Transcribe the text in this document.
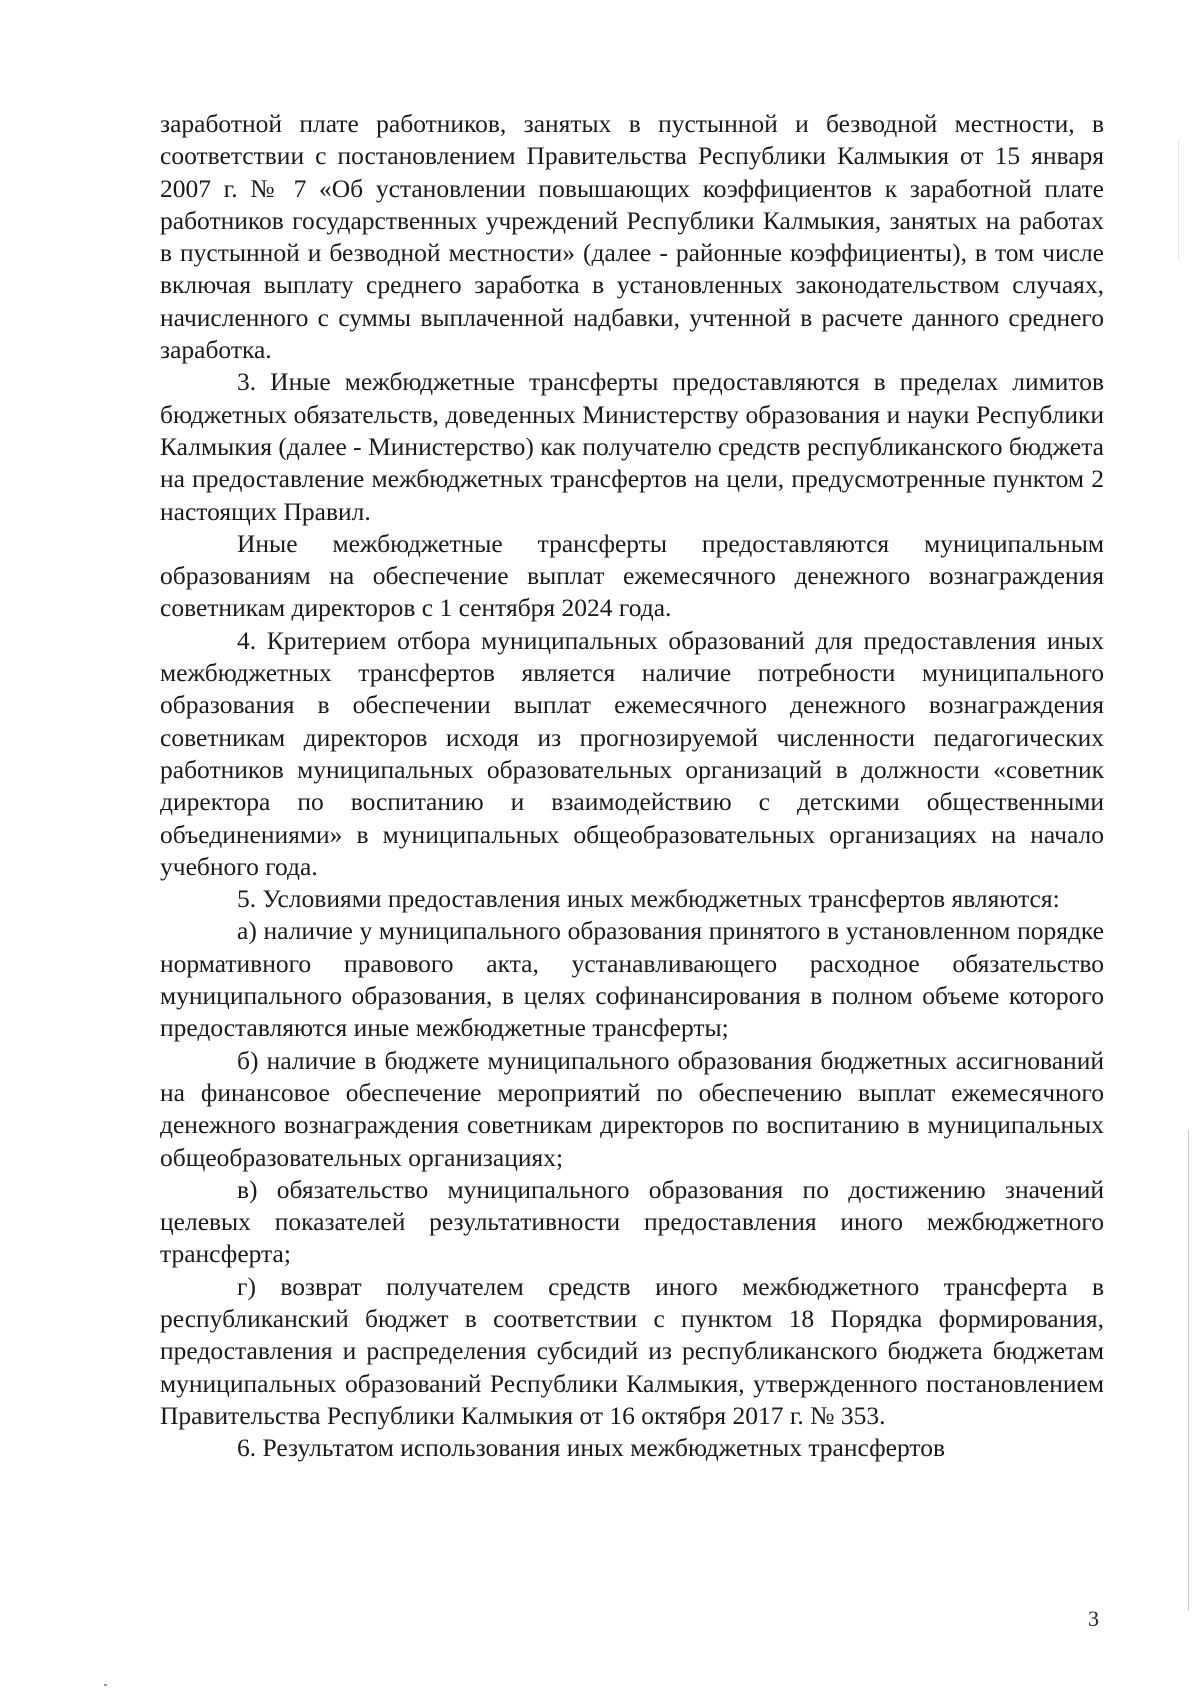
заработной плате работников, занятых в пустынной и безводной местности, в соответствии с постановлением Правительства Республики Калмыкия от 15 января 2007 г. № 7 «Об установлении повышающих коэффициентов к заработной плате работников государственных учреждений Республики Калмыкия, занятых на работах в пустынной и безводной местности» (далее - районные коэффициенты), в том числе включая выплату среднего заработка в установленных законодательством случаях, начисленного с суммы выплаченной надбавки, учтенной в расчете данного среднего заработка.

3. Иные межбюджетные трансферты предоставляются в пределах лимитов бюджетных обязательств, доведенных Министерству образования и науки Республики Калмыкия (далее - Министерство) как получателю средств республиканского бюджета на предоставление межбюджетных трансфертов на цели, предусмотренные пунктом 2 настоящих Правил.

Иные межбюджетные трансферты предоставляются муниципальным образованиям на обеспечение выплат ежемесячного денежного вознаграждения советникам директоров с 1 сентября 2024 года.

4. Критерием отбора муниципальных образований для предоставления иных межбюджетных трансфертов является наличие потребности муниципального образования в обеспечении выплат ежемесячного денежного вознаграждения советникам директоров исходя из прогнозируемой численности педагогических работников муниципальных образовательных организаций в должности «советник директора по воспитанию и взаимодействию с детскими общественными объединениями» в муниципальных общеобразовательных организациях на начало учебного года.

5. Условиями предоставления иных межбюджетных трансфертов являются:

а) наличие у муниципального образования принятого в установленном порядке нормативного правового акта, устанавливающего расходное обязательство муниципального образования, в целях софинансирования в полном объеме которого предоставляются иные межбюджетные трансферты;

б) наличие в бюджете муниципального образования бюджетных ассигнований на финансовое обеспечение мероприятий по обеспечению выплат ежемесячного денежного вознаграждения советникам директоров по воспитанию в муниципальных общеобразовательных организациях;

в) обязательство муниципального образования по достижению значений целевых показателей результативности предоставления иного межбюджетного трансферта;

г) возврат получателем средств иного межбюджетного трансферта в республиканский бюджет в соответствии с пунктом 18 Порядка формирования, предоставления и распределения субсидий из республиканского бюджета бюджетам муниципальных образований Республики Калмыкия, утвержденного постановлением Правительства Республики Калмыкия от 16 октября 2017 г. № 353.

6. Результатом использования иных межбюджетных трансфертов

3
